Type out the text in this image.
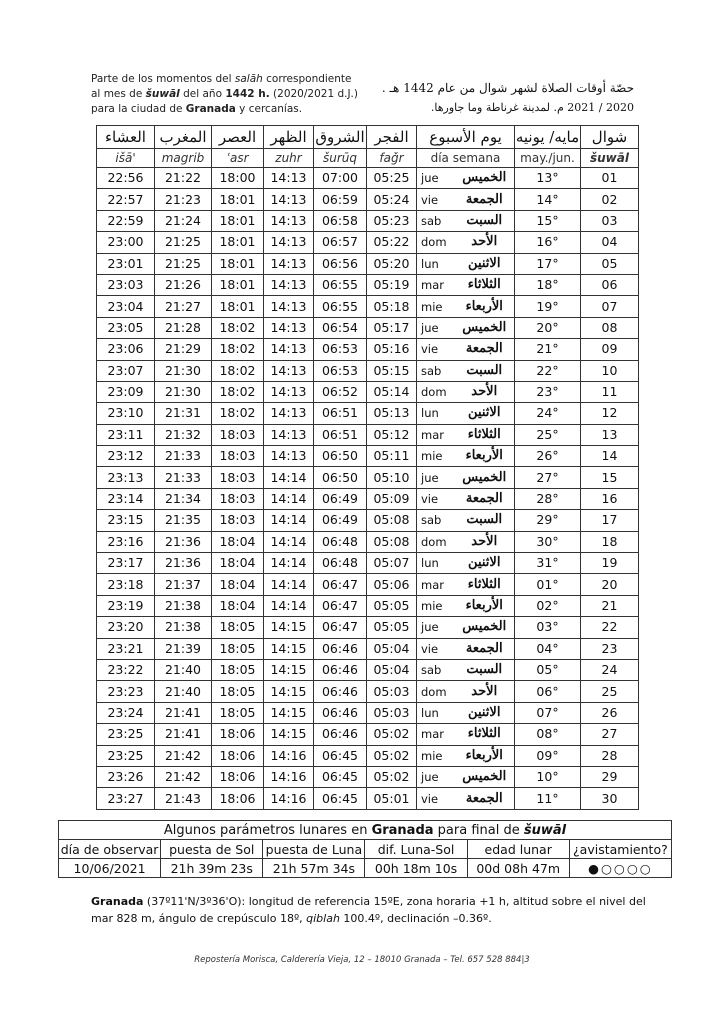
Parte de los momentos del salāh correspondiente
al mes de šuwāl del año 1442 h. (2020/2021 d.J.)
para la ciudad de Granada y cercanías.
حصّة أوقات الصلاة لشهر شوال من عام 1442 هـ .
2020 / 2021 م. لمدينة غرناطة وما جاورها.
العشاء	المغرب	العصر	الظهر	الشروق	الفجر	يوم الأسبوع		مايه/ يونيه	شوال
išā'	magrib	ʿasr	zuhr	šurūq	faǧr	día semana		may./jun.	šuwāl
22:56	21:22	18:00	14:13	07:00	05:25	jue	الخميس	13°	01
22:57	21:23	18:01	14:13	06:59	05:24	vie	الجمعة	14°	02
22:59	21:24	18:01	14:13	06:58	05:23	sab	السبت	15°	03
23:00	21:25	18:01	14:13	06:57	05:22	dom	الأحد	16°	04
23:01	21:25	18:01	14:13	06:56	05:20	lun	الاثنين	17°	05
23:03	21:26	18:01	14:13	06:55	05:19	mar	الثلاثاء	18°	06
23:04	21:27	18:01	14:13	06:55	05:18	mie	الأربعاء	19°	07
23:05	21:28	18:02	14:13	06:54	05:17	jue	الخميس	20°	08
23:06	21:29	18:02	14:13	06:53	05:16	vie	الجمعة	21°	09
23:07	21:30	18:02	14:13	06:53	05:15	sab	السبت	22°	10
23:09	21:30	18:02	14:13	06:52	05:14	dom	الأحد	23°	11
23:10	21:31	18:02	14:13	06:51	05:13	lun	الاثنين	24°	12
23:11	21:32	18:03	14:13	06:51	05:12	mar	الثلاثاء	25°	13
23:12	21:33	18:03	14:13	06:50	05:11	mie	الأربعاء	26°	14
23:13	21:33	18:03	14:14	06:50	05:10	jue	الخميس	27°	15
23:14	21:34	18:03	14:14	06:49	05:09	vie	الجمعة	28°	16
23:15	21:35	18:03	14:14	06:49	05:08	sab	السبت	29°	17
23:16	21:36	18:04	14:14	06:48	05:08	dom	الأحد	30°	18
23:17	21:36	18:04	14:14	06:48	05:07	lun	الاثنين	31°	19
23:18	21:37	18:04	14:14	06:47	05:06	mar	الثلاثاء	01°	20
23:19	21:38	18:04	14:14	06:47	05:05	mie	الأربعاء	02°	21
23:20	21:38	18:05	14:15	06:47	05:05	jue	الخميس	03°	22
23:21	21:39	18:05	14:15	06:46	05:04	vie	الجمعة	04°	23
23:22	21:40	18:05	14:15	06:46	05:04	sab	السبت	05°	24
23:23	21:40	18:05	14:15	06:46	05:03	dom	الأحد	06°	25
23:24	21:41	18:05	14:15	06:46	05:03	lun	الاثنين	07°	26
23:25	21:41	18:06	14:15	06:46	05:02	mar	الثلاثاء	08°	27
23:25	21:42	18:06	14:16	06:45	05:02	mie	الأربعاء	09°	28
23:26	21:42	18:06	14:16	06:45	05:02	jue	الخميس	10°	29
23:27	21:43	18:06	14:16	06:45	05:01	vie	الجمعة	11°	30
Algunos parámetros lunares en Granada para final de šuwāl					
día de observar	puesta de Sol	puesta de Luna	dif. Luna-Sol	edad lunar	¿avistamiento?
10/06/2021	21h 39m 23s	21h 57m 34s	00h 18m 10s	00d 08h 47m	●○○○○
Granada (37º11'N/3º36'O): longitud de referencia 15ºE, zona horaria +1 h, altitud sobre el nivel del mar 828 m, ángulo de crepúsculo 18º, qiblah 100.4º, declinación –0.36º.
Repostería Morisca, Calderería Vieja, 12 – 18010 Granada – Tel. 657 528 884|3
